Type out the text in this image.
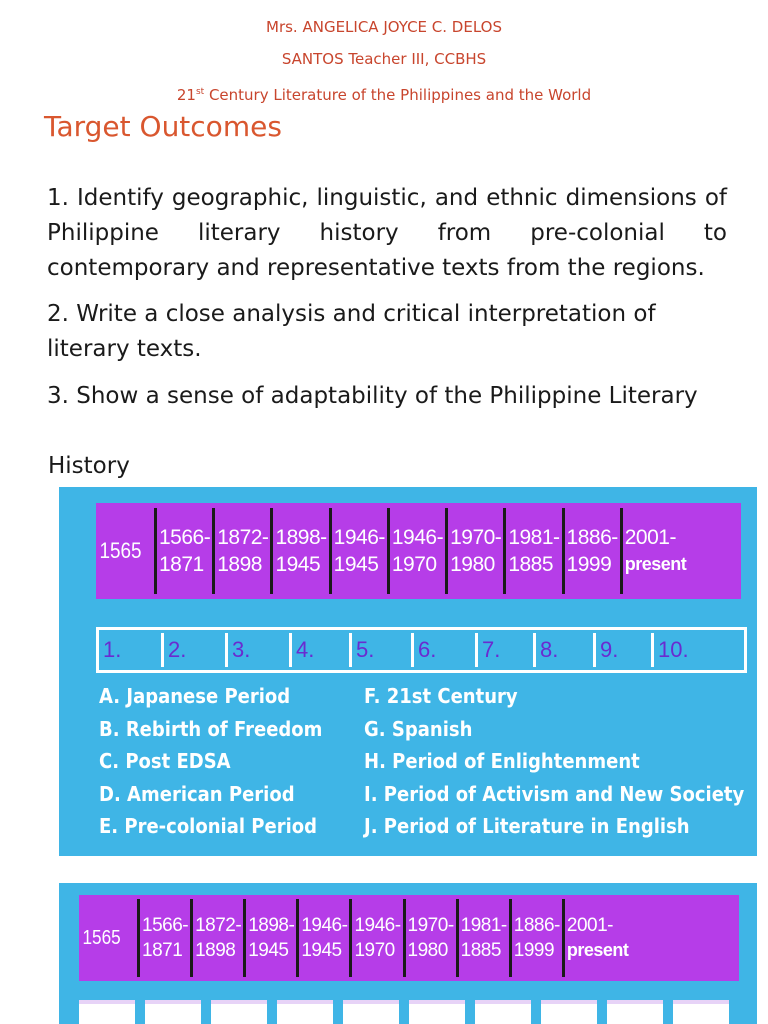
Mrs. ANGELICA JOYCE C. DELOS
SANTOS Teacher III, CCBHS
21st Century Literature of the Philippines and the World
Target Outcomes
1. Identify geographic, linguistic, and ethnic dimensions of Philippine literary history from pre-colonial to contemporary and representative texts from the regions.
2. Write a close analysis and critical interpretation of literary texts.
3. Show a sense of adaptability of the Philippine Literary
History
1565
1566-
1871
1872-
1898
1898-
1945
1946-
1945
1946-
1970
1970-
1980
1981-
1885
1886-
1999
2001-
present
1. 2. 3. 4. 5. 6. 7. 8. 9. 10.
A. Japanese Period
B. Rebirth of Freedom
C. Post EDSA
D. American Period
E. Pre-colonial Period
F. 21st Century
G. Spanish
H. Period of Enlightenment
I. Period of Activism and New Society
J. Period of Literature in English
1565
1566-
1871
1872-
1898
1898-
1945
1946-
1945
1946-
1970
1970-
1980
1981-
1885
1886-
1999
2001-
present
